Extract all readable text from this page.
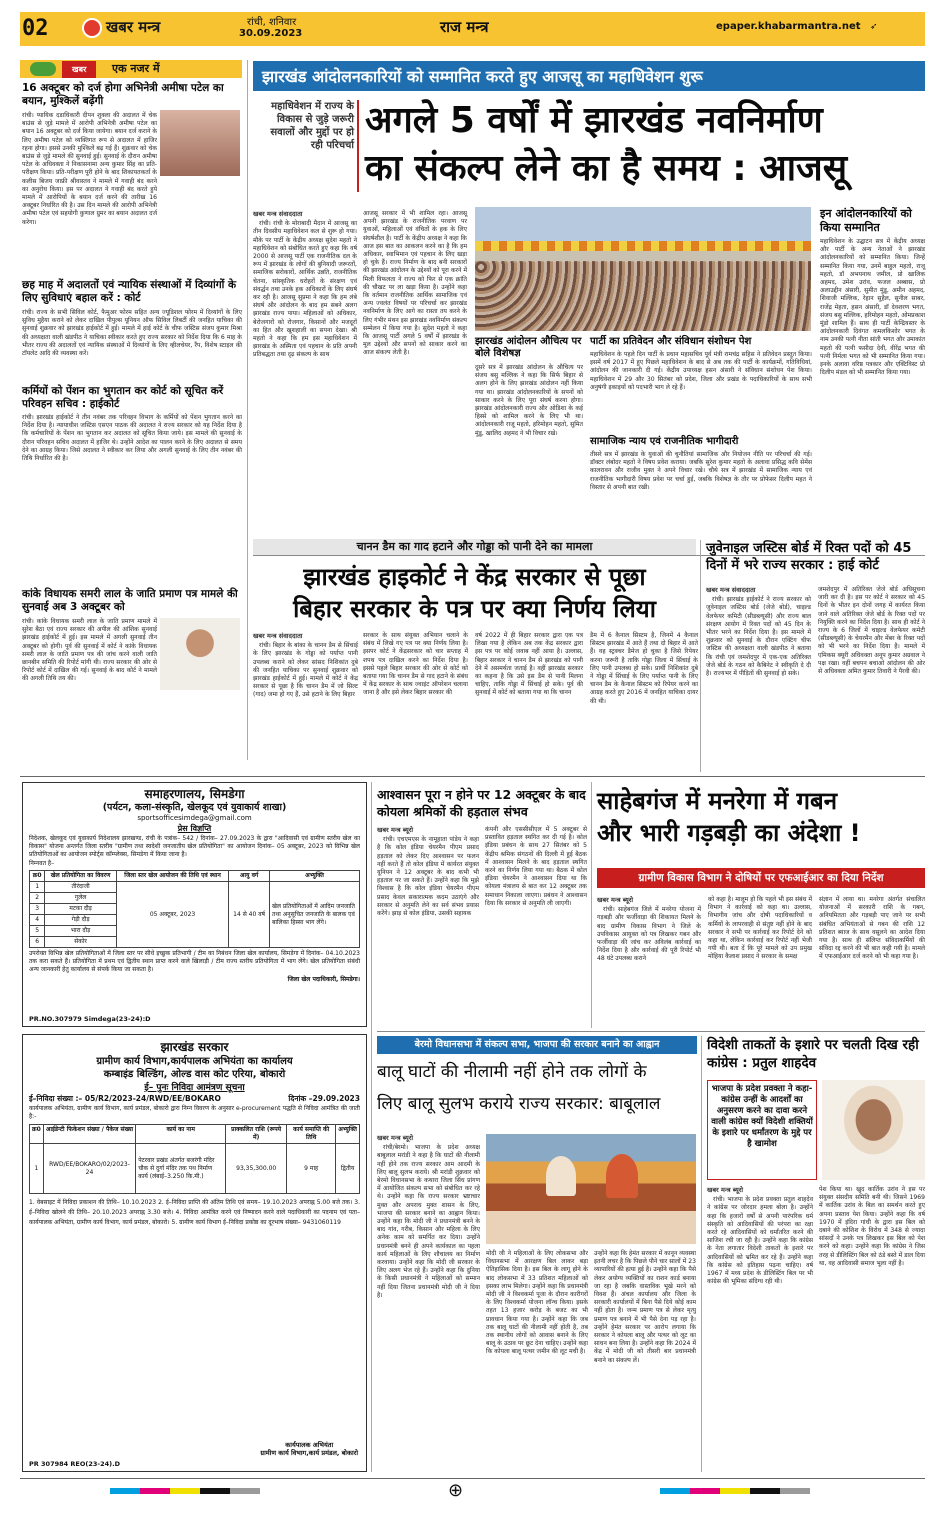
02	खबर मन्त्र	रांची, शनिवार
30.09.2023	राज मन्त्र	epaper.khabarmantra.net ➶
खबर	एक नजर में
16 अक्टूबर को दर्ज होगा अभिनेत्री अमीषा पटेल का बयान, मुश्किलें बढ़ेंगी
रांची। प्यायिक दडाधिकारी दीपन शुक्ला की अदालत में चेक बाउंस से जुड़े मामले में आरोपी अभिनेत्री अमीषा पटेल का बयान 16 अक्टूबर को दर्ज किया जायेगा। बयान दर्ज कराने के लिए अमीषा पटेल को व्यक्तिगत रूप से अदालत में हाजिर रहना होगा। इससे उनकी मुश्किलें बढ़ गई हैं। शुक्रवार को चेक बाउंस से जुड़े मामले की सुनवाई हुई। सुनवाई के दौरान अमीषा पटेल के अधिवक्ता ने निकासनामा अन्य कुमार सिंह का प्रति-परीक्षण किया। प्रति-परीक्षण पूरी होने के बाद शिकायतकर्ता के कलीस बिजय जाफ्री श्रीवास्तव ने मामले में गवाही बंद करने का अनुरोध किया। इस पर अदालत ने गवाही बंद करते हुये मामले में आरोपियों के बयान दर्ज करने की तारीख 16 अक्टूबर निर्धारित की है। उस दिन मामले की आरोपी अभिनेत्री अमीषा पटेल एवं सहयोगी कुणाल ग्रुमर का बयान अदालत दर्ज करेगा।
छह माह में अदालतों एवं न्यायिक संस्थाओं में दिव्यांगों के लिए सुविधाएं बहाल करें : कोर्ट
रांची। राज्य के सभी सिविल कोर्ट, फैमुअर फोरम सहित अन्य ज्यूडिशल फोरम में दिव्यांगों के लिए सुविध मुहैया कराने को लेकर दाखिल पीपुल्स यूनियन ऑफ सिविल लिबर्टी की जनहित याचिका की सुनवाई शुक्रवार को झारखंड हाईकोर्ट में हुई। मामले में हाई कोर्ट के चीफ जस्टिस संजय कुमार मिश्रा की अध्यक्षता वाली खंडपीठ ने याचिका स्वीकार करते हुए राज्य सरकार को निर्देश दिया कि 6 माह के भीतर राज्य की अदालतों एवं न्यायिक संस्थाओं में दिव्यांगों के लिए व्हीलचेयर, रैंप, विशेष स्टाइल की टॉयलेट आदि की व्यवस्था करें।
कर्मियों को पेंशन का भुगतान कर कोर्ट को सूचित करें परिवहन सचिव : हाईकोर्ट
रांची। झारखंड हाईकोर्ट ने तीन नवंबर तक परिवहन विभाग के कर्मियों को पेंशन भुगतान करने का निर्देश दिया है। न्यायाधीश जस्टिस एसएन पाठक की अदालत ने राज्य सरकार को यह निर्देश दिया है कि कर्मचारियों के पेंशन का भुगतान कर अदालत को सूचित किया जाये। इस मामले की सुनवाई के दौरान परिवहन सचिव अदालत में हाजिर थे। उन्होंने आदेश का पालन करने के लिए अदालत से समय देने का आग्रह किया। जिसे अदालत ने स्वीकार कर लिया और अगली सुनवाई के लिए तीन नवंबर की तिथि निर्धारित की है।
कांके विधायक समरी लाल के जाति प्रमाण पत्र मामले की सुनवाई अब 3 अक्टूबर को
रांची। कांके विधायक समरी लाल के जाति प्रमाण मामले में सुरेश बैठा एवं राज्य सरकार की अपील की आंशिक सुनवाई झारखंड हाईकोर्ट में हुई। इस मामले में अगली सुनवाई तीन अक्टूबर को होगी। पूर्व की सुनवाई में कोर्ट ने कांके विधायक समरी लाल के जाति प्रमाण पत्र की जांच करने वाली जाति छानबीन समिति की रिपोर्ट मांगी थी। राज्य सरकार की ओर से रिपोर्ट कोर्ट में दाखिल की गई। सुनवाई के बाद कोर्ट ने मामले की अगली तिथि तय की।
झारखंड आंदोलनकारियों को सम्मानित करते हुए आजसू का महाधिवेशन शुरू
महाधिवेशन में राज्य के विकास से जुड़े जरूरी सवालों और मुद्दों पर हो रही परिचर्चा
अगले 5 वर्षों में झारखंड नवनिर्माण
का संकल्प लेने का है समय : आजसू

खबर मन्त्र संवाददाता

रांची। रांची के मोराबादी मैदान में आजसू का तीन दिवसीय महाधिवेशन कल से शुरू हो गया। मौके पर पार्टी के केंद्रीय अध्यक्ष सुदेश महतो ने महाधिवेशन को संबोधित करते हुए कहा कि वर्ष 2000 से आजसू पार्टी एक राजनीतिक दल के रूप में झारखंड के लोगों की बुनियादी जरूरतों, समाजिक सरोकारों, आर्थिक उन्नति, राजनीतिक चेतना, सांस्कृतिक धरोहरों के संरक्षण एवं संवर्द्धन तथा उनके हक अधिकारों के लिए संघर्ष कर रही है। आजसू सुप्रमा ने कहा कि हम लंबे संघर्ष और आंदोलन के बाद हम सबने अलग झारखंड राज्य पाया। महिलाओं को अधिकार, बेरोजगारों को रोजगार, किसानों और मजदूरों का हित और खुशहाली का सपना देखा। श्री महतो ने कहा कि हम इस महाधिवेशन में झारखंड के अस्मिता एवं पहचान के प्रति अपनी प्रतिबद्धता तथा दृढ़ संकल्प के साथ

आजसू सरकार में भी शामिल रहा। आजसू अपनी झारखंड के राजनीतिक परवाण पर युवाओं, महिलाओं एवं वंचितों के हक के लिए संघर्षशील है। पार्टी के केंद्रीय अध्यक्ष ने कहा कि आज इस बात का आकलन करने का है कि हम अधिकार, स्वाभिमान एवं पहचान के लिए खड़ा हो चुके हैं। राज्य निर्माण के बाद बनी सरकारों की झारखंड आंदोलन के उद्देश्यों को पूरा करने में मिली विफलता ने राज्य को फिर से एक क्रांति की चौखट पर ला खड़ा किया है। उन्होंने कहा कि वर्तमान राजनीतिक आर्थिक सामाजिक एवं अन्य ज्वलंत विषयों पर परिचर्चा कर झारखंड नवनिर्माण के लिए आगे का रास्ता तय करने के लिए गंभीर मंथन इस झारखंड नवनिर्माण संकल्प सम्मेलन में किया गया है। सुदेश महतो ने कहा कि आजसू पार्टी अगले 5 वर्षों में झारखंड के मूल उद्देश्यों और सपनों को साकार करने का आज संकल्प लेती है।
झारखंड आंदोलन औचित्य पर बोले विशेषज्ञ
दूसरे सत्र में झारखंड आंदोलन के औचित्य पर संजय बसु मल्लिक ने कहा कि सिर्फ बिहार से अलग होने के लिए झारखंड आंदोलन नहीं किया गया था। झारखंड आंदोलनकारियों के सपनों को साकार करने के लिए पूरा संघर्ष करना होगा। झारखंड आंदोलनकारी राज्य और ओडिशा के कई हिस्से को शामिल करने के लिए भी था। आंदोलनकारी राजू महतो, हरिमोहन महतो, सुमित मुंडू, खालिद अहमद ने भी विचार रखे।
पार्टी का प्रतिवेदन और संविधान संशोधन पेश
महाधिवेशन के पहले दिन पार्टी के प्रधान महासचिव पूर्व मंत्री रामचंद्र सहिस ने प्रतिवेदन प्रस्तुत किया। इसमें वर्ष 2017 में हुए पिछले महाधिवेशन के बाद से अब तक की पार्टी के कार्यक्रमों, गतिविधियां, आंदोलन की जानकारी दी गई। केंद्रीय उपाध्यक्ष हसन अंसारी ने संविधान संशोधन पेश किया। महाधिवेशन में 29 और 30 सितंबर को प्रदेश, जिला और प्रखंड के पदाधिकारियों के साथ सभी अनुषंगी इकाइयों को पदभारी भाग ले रहे हैं।
सामाजिक न्याय एवं राजनीतिक भागीदारी
तीसरे सत्र में झारखंड के युवाओं की चुनौतियां सामाजिक और नियोजन नीति पर परिचर्चा की गई। डॉक्टर लंबोदर महतो ने विषय प्रवेश कराया। जबकि सुरेश कुमार महतो के अलावा प्रसिद्ध कवि सेमेंस कालरावन और राजीव मुक्त ने अपने विचार रखे। चौथे सत्र में झारखंड में सामाजिक न्याय एवं राजनीतिक भागीदारी विषय प्रवेश पर चर्चा हुई, जबकि विशेषज्ञ के तौर पर प्रोफेसर दिलीप महत ने विस्तार से अपनी बात रखी।
इन आंदोलनकारियों को किया सम्मानित
महाधिवेशन के उद्घाटन सत्र में केंद्रीय अध्यक्ष और पार्टी के अन्य नेताओं ने झारखंड आंदोलनकारियों को सम्मानित किया। जिन्हें सम्मानित किया गया, उनमें बाहुल महतो, राजू महतो, डॉ अभयनाथ जमील, प्रो खालिक अहमद, उमेश उरांव, फजल अब्बास, प्रो अलाउद्दीन अंसारी, सुमीत मुंडू, अमीन अहमद, शिवाजी मल्लिक, रेहान सुहैल, सुनील साबर, राजेंद्र मेहता, हसन अंसारी, डॉ देवशरण भगत, संजय बसु मल्लिक, हरिमोहन महतो, ओमप्रकाश मूंडो शामिल हैं। साथ ही पार्टी केन्द्रियस्तर के आंदोलनकारी दिवंगत कमलकिशोर भगत के नाम उनकी पत्नी नीता सांती भगत और उमाकांत महतो की पत्नी फसीदा देवी, वीरेंद्र भगत की पत्नी निर्मला भगत को भी सम्मानित किया गया। इनके अलावा वरिष्ठ पत्रकार और एक्टिविस्ट प्रो दिलीप मंडल को भी सम्मानित किया गया।
चानन डैम का गाद हटाने और गोड्डा को पानी देने का मामला
झारखंड हाइकोर्ट ने केंद्र सरकार से पूछा
बिहार सरकार के पत्र पर क्या निर्णय लिया

खबर मन्त्र संवाददाता

रांची। बिहार के बांका के चानन डैम से सिंचाई के लिए झारखंड के गोड्डा को पर्याप्त पानी उपलब्ध कराने को लेकर सांसद निशिकांत दुबे की जनहित याचिका पर सुनवाई शुक्रवार को झारखंड हाईकोर्ट में हुई। मामले में कोर्ट ने केंद्र सरकार से पूछा है कि चानन डैम में जो सिल्ट (गाद) जमा हो गए हैं, उसे हटाने के लिए बिहार

सरकार के साथ संयुक्त अभियान चलाने के संबंध में लिखे गए पत्र पर क्या निर्णय लिया है। इसपर कोर्ट ने केंद्रसरकार को चार सप्ताह में शपथ पत्र दाखिल करने का निर्देश दिया है। इससे पहले बिहार सरकार की ओर से कोर्ट को बताया गया कि चानन डैम से गाद हटाने के संबंध में केंद्र सरकार के साथ ज्वाइंट ऑपरेशन चलाया जाना है और इसे लेकर बिहार सरकार की
वर्ष 2022 में ही बिहार सरकार द्वारा एक पत्र लिखा गया है लेकिन अब तक केंद्र सरकार द्वारा इस पत्र पर कोई जवाब नहीं आया है। उल्लास, बिहार सरकार ने चानन डैम से झारखंड को पानी देने में असमर्थता जताई है। वहीं झारखंड सरकार का कहना है कि उसे इस डैम से पानी मिलना चाहिए, ताकि गोड्डा में सिंचाई हो सके। पूर्व की सुनवाई में कोर्ट को बताया गया था कि चानन
डैम में 6 कैनाल सिस्टम है, जिनमें 4 कैनाल सिस्टम झारखंड में आते हैं तथा दो बिहार में आते हैं। वह स्ट्रक्चर डैमेज हो चुका है जिसे रिपेयर करना जरूरी है ताकि गोड्डा जिला में सिंचाई के लिए पानी उपलब्ध हो सके। प्रार्थी निशिकांत दुबे ने गोड्डा में सिंचाई के लिए पर्याप्त पानी के लिए चानन डैम के कैनाल सिस्टम को रिपेयर करने का आग्रह करते हुए 2016 में जनहित याचिका दायर की थी।
जुवेनाइल जस्टिस बोर्ड में रिक्त पदों को 45 दिनों में भरे राज्य सरकार : हाई कोर्ट

खबर मन्त्र संवाददाता

रांची। झारखंड हाईकोर्ट ने राज्य सरकार को जुवेनाइल जस्टिस बोर्ड (जेजे बोर्ड), चाइल्ड वेलफेयर कमिटी (सीडब्ल्यूसी) और राज्य बाल संरक्षण आयोग में रिक्त पदों को 45 दिन के भीतर भरने का निर्देश दिया है। इस मामले में शुक्रवार को सुनवाई के दौरान एक्टिंग चीफ जस्टिस की अध्यक्षता वाली खंडपीठ ने बताया कि रांची एवं जमशेदपुर में एक-एक अतिरिक्त जेजे बोर्ड के गठन को कैबिनेट ने स्वीकृति दे दी है। राज्यभर में पीड़ितों की सुनवाई हो सके।

जमशेदपुर में अतिरिक्त जेजे बोर्ड अधिसूचना जारी कर दी है। इस पर कोर्ट ने सरकार को 45 दिनों के भीतर इन दोनों जगह में कार्यरत किया जाने वाले अतिरिक्त जेजे बोर्ड के रिक्त पदों पर नियुक्ति करने का निर्देश दिया है। साथ ही कोर्ट ने राज्य के 6 जिलों में चाइल्ड वेलफेयर कमेटी (सीडब्ल्यूसी) के चेयरमैन और मेंबर के रिक्त पदों को भी भरने का निर्देश दिया है। मामले में एमिकस क्यूरी अधिवक्ता अनूप कुमार अग्रवाल ने पक्ष रखा। वहीं बचपन बचाओ आंदोलन की ओर से अधिवक्ता अमित कुमार तिवारी ने पैरवी की।
समाहरणालय, सिमडेगा
(पर्यटन, कला-संस्कृति, खेलकूद एवं युवाकार्य शाखा)
sportsofficesimdega@gmail.com
प्रेस विज्ञप्ति
निदेशक, खेलकूद एवं युवाकार्य निदेशालय झारखण्ड, रांची के पत्रांक– 542 / दिनांक– 27.09.2023 के द्वारा "आदिवासी एवं ग्रामीण स्तरीय खेल का विकास" योजना अन्तर्गत जिला स्तरीय "ग्रामीण तथा स्वदेशी जनजातीय खेल प्रतियोगिता" का आयोजन दिनांक– 05 अक्टूबर, 2023 को विभिन्न खेल प्रतियोगिताओं का आयोजन स्पोर्ट्स कॉम्प्लेक्स, सिमडेगा में किया जाना है।
निम्नवत है–
क्र0	खेल प्रतियोगिता का विवरण	जिला स्तर खेल आयोजन की तिथि एवं स्थान	आयु वर्ग	अभ्युक्ति
1	तीरंदाजी	05 अक्टूबर, 2023	14 से 40 वर्ष	खेल प्रतियोगिताओं में आदिम जनजाति तथा अनुसूचित जनजाति के बालक एवं बालिका हिस्सा भाग लेंगे।
2	गुलेल			
3	मटका दौड़			
4	गेड़ी दौड़			
5	भारा दौड़			
6	सेकोर			
उपरोक्त विभिन्न खेल प्रतियोगिताओं में जिला स्तर पर सीधे इच्छुक प्रतिभागी / टीम का निबंधन जिला खेल कार्यालय, सिमडेगा में दिनांक– 04.10.2023 तक करा सकते हैं। प्रतियोगिता में प्रथम एवं द्वितीय स्थान प्राप्त करने वाले खिलाड़ी / टीम राज्य स्तरीय प्रतियोगिता में भाग लेंगे। खेल प्रतियोगिता संबंधी अन्य जानकारी हेतु कार्यालय से संपर्क किया जा सकता है।
जिला खेल पदाधिकारी, सिमडेगा।
PR.NO.307979 Simdega(23-24):D
झारखंड सरकार
ग्रामीण कार्य विभाग,कार्यपालक अभियंता का कार्यालय
कम्बाइंड बिल्डिंग, ओल्ड वास कोट एरिया, बोकारो
ई– पुनः निविदा आमंत्रण सूचना
ई–निविदा संख्या :– 05/R2/2023-24/RWD/EE/BOKARO	दिनांक –29.09.2023
कार्यपालक अभियंता, ग्रामीण कार्य विभाग, कार्य प्रमंडल, बोकारो द्वारा निम्न विवरण के अनुसार e-procurement पद्धति से निविदा आमंत्रित की जाती है:-
क्र0	आईडेन्टी फिकेशन संख्या / पैकेज संख्या	कार्य का नाम	प्राक्कलित राशि (रूपये में)	कार्य समाप्ति की तिथि	अभ्युक्ति
1	RWD/EE/BOKARO/02/2023-24	पेटरवार प्रखंड अंतर्गत बजरंगी मंदिर चौक से दुर्गा मंदिर तक पथ निर्माण कार्य (लंबाई–3.250 कि.मी.)	93,35,300.00	9 माह	द्वितीय
1. वेबसाइट में निविदा प्रकाशन की तिथि– 10.10.2023 2. ई–निविदा प्राप्ति की अंतिम तिथि एवं समय– 19.10.2023 अपराह्न 5.00 बजे तक। 3. ई–निविदा खोलने की तिथि– 20.10.2023 अपराह्न 3.30 बजे। 4. निविदा आमंत्रित करने एवं निष्पादन करने वाले पदाधिकारी का पदनाम एवं पता– कार्यपालक अभियंता, ग्रामीण कार्य विभाग, कार्य प्रमंडल, बोकारो। 5. ग्रामीण कार्य विभाग ई–निविदा प्रकोष्ठ का दूरभाष संख्या– 9431060119
कार्यपालक अभियंता
ग्रामीण कार्य विभाग,कार्य प्रमंडल, बोकारो
PR 307984 REO(23-24).D
आश्वासन पूरा न होने पर 12 अक्टूबर के बाद कोयला श्रमिकों की हड़ताल संभव

खबर मन्त्र ब्यूरो

रांची। एचएमएस के नामूहाता पांडेय ने कहा है कि कोल इंडिया चेयरमैन पीएम प्रसाद हड़ताल को लेकर दिए आश्वासन पर फलन नहीं करते हैं तो कोल इंडिया में कार्यरत संयुक्त यूनियन ने 12 अक्टूबर के बाद कभी भी हड़ताल पर जा सकते हैं। उन्होंने कहा कि मुझे विश्वास है कि कोल इंडिया चेयरमैन पीएम प्रसाद केवल सकारात्मक कदम उठाएंगे और सरकार से अनुमति लेने का सर्व संभव प्रयास करेंगे। झाड़ से कोल इंडिया, उसकी सहायक

कंपनी और एससीसीएल में 5 अक्टूबर से प्रस्तावित हड़ताल स्थगित कर दी गई है। कोल इंडिया प्रबंधन के साथ 27 सितंबर को 5 केंद्रीय श्रमिक संगठनों की दिल्ली में हुई बैठक में आश्वासन मिलने के बाद हड़ताल स्थगित करने का निर्णय लिया गया था। बैठक में कोल इंडिया चेयरमैन ने आश्वासन दिया था कि कोयला मंत्रालय से बात कर 12 अक्टूबर तक समाधान निकाला जाएगा। प्रबंधन ने आश्वासन दिया कि सरकार से अनुमति ली जाएगी।
साहेबगंज में मनरेगा में गबन
और भारी गड़बड़ी का अंदेशा !
ग्रामीण विकास विभाग ने दोषियों पर एफआईआर का दिया निर्देश

खबर मन्त्र ब्यूरो

रांची। साहेबगंज जिले में मनरेगा योजना में गड़बड़ी और फर्जीवाड़ा की शिकायत मिलने के बाद ग्रामीण विकास विभाग ने जिले के उपविकास आयुक्त को पत्र लिखकर गबन और फर्जीवाड़ा की जांच कर अविलंब कार्रवाई का निर्देश दिया है और कार्रवाई की पूरी रिपोर्ट भी 48 घंटे उपलब्ध कराने

को कहा है। मालूम हो कि पहले भी इस संबंध में विभाग ने कार्रवाई को कहा था। उल्लास, विभागीय जांच और दोषी पदाधिकारियों व कर्मियों के लापरवाही से संतुष्ट नहीं होने के बाद सरकार ने सभी पर कार्रवाई कर रिपोर्ट देने को कहा था, लेकिन कार्रवाई कर रिपोर्ट नहीं भेजी गयी थी। बता दें कि पूरे मामले को उप प्रमुख मोहिया कैलाश प्रसाद ने सरकार के समक्ष
संज्ञान में लाया था। मनरेगा अंतर्गत संचालित योजनाओं में सरकारी राशि के गबन, अनियमितता और गड़बड़ी पाए जाने पर सभी संबंधित अभियंताओं से गबन की राशि 12 प्रतिशत ब्याज के साथ वसूलने का आदेश दिया गया है। साथ ही संलिप्त संविदाकर्मियों की संविदा रद्द करने की भी बात कही गयी है। मामले में एफआईआर दर्ज करने को भी कहा गया है।
बेरमो विधानसभा में संकल्प सभा, भाजपा की सरकार बनाने का आह्वान
बालू घाटों की नीलामी नहीं होने तक लोगों के
लिए बालू सुलभ कराये राज्य सरकार: बाबूलाल

खबर मन्त्र ब्यूरो

रांची/बेरमो। भाजपा के प्रदेश अध्यक्ष बाबूलाल मरांडी ने कहा है कि घाटों की नीलामी नहीं होने तक राज्य सरकार आम आदमी के लिए बालू सुलभ कराये। श्री मरांडी शुक्रवार को बेरमो विधानसभा के कथारा जिला सिंध प्रांगण में आयोजित संकल्प सभा को संबोधित कर रहे थे। उन्होंने कहा कि राज्य सरकार भ्रष्टाचार मुक्त और अपराध मुक्त शासन के लिए, भाजपा की सरकार बनाने का आह्वान किया। उन्होंने कहा कि मोदी जी ने प्रधानमंत्री बनने के बाद गांव, गरीब, किसान और महिला के लिए अनेक काम को समर्पित कर दिया। उन्होंने प्रधानमंत्री बनने ही अपने कार्यकाल का पहला कार्य महिलाओं के लिए शौचालय का निर्माण करवाया। उन्होंने कहा कि मोदी जी सरकार के लिए अलग भेज रहे हैं। उन्होंने कहा कि दुनिया के किसी प्रधानमंत्री ने महिलाओं को सम्मान नहीं दिया जितना प्रधानमंत्री मोदी जी ने दिया है।

मोदी जी ने महिलाओं के लिए लोकसभा और विधानसभा में आरक्षण बिल लाकर बड़ा ऐतिहासिक दिया है। इस बिल के लागू होने के बाद लोकसभा में 33 प्रतिशत महिलाओं को इसका लाभ मिलेगा। उन्होंने कहा कि प्रधानमंत्री मोदी जी ने विश्वकर्मा पूजा के दौरान कारीगरों के लिए विश्वकर्मा योजना लॉन्च किया। इसके तहत 13 हजार करोड़ के बजट का भी प्रावधान किया गया है। उन्होंने कहा कि जब तक बालू घाटों की नीलामी नहीं होती है, तब तक स्थानीय लोगों को आवास बनाने के लिए बालू के उठाव पर छूट देना चाहिए। उन्होंने कहा कि कोयला बालू पत्थर जमीन की लूट मची है।
उन्होंने कहा कि हेमंत सरकार में कानून व्यवस्था इतनी लचर है कि पिछले पौने चार सालों में 23 व्यापारियों की हत्या हुई है। उन्होंने कहा कि पैसे लेकर अयोग्य व्यक्तियों का राशन कार्ड बनाया जा रहा है जबकि वास्तविक भूखे मरने को विवश हैं। अंचल कार्यालय और जिला के सरकारी कार्यालयों में बिना पैसे दिये कोई काम नहीं होता है। जन्म प्रमाण पत्र से लेकर मृत्यु प्रमाण पत्र बनाने में भी पैसे देना पड़ रहा है। उन्होंने हेमंत सरकार पर आरोप लगाया कि सरकार ने कोयला बालू और पत्थर को लूट का साधन बना लिया है। उन्होंने कहा कि 2024 में केंद्र में मोदी जी को तीसरी बार प्रधानमंत्री बनाने का संकल्प लें।
विदेशी ताकतों के इशारे पर चलती दिख रही कांग्रेस : प्रतुल शाहदेव
भाजपा के प्रदेश प्रवक्ता ने कहा-कांग्रेस उन्हीं के आदर्शों का अनुसरण करने का दावा करने वाली कांग्रेस क्यों विदेशी शक्तियों के इशारे पर धर्मांतरण के मुद्दे पर है खामोश

खबर मन्त्र ब्यूरो

रांची। भाजपा के प्रदेश प्रवक्ता प्रतुल शाहदेव ने कांग्रेस पर जोरदार हमला बोला है। उन्होंने कहा कि हजारों वर्षों से अपनी पारंपरिक धर्म संस्कृति को आदिवासियों की परंपरा का रक्षा करते रहे आदिवासियों को धर्मांतरित करने की साजिश रची जा रही है। उन्होंने कहा कि कांग्रेस के नेता लगातार विदेशी ताकतों के इशारे पर आदिवासियों को भ्रमित कर रहे हैं। उन्होंने कहा कि कांग्रेस को इतिहास पढ़ना चाहिए। वर्ष 1967 में मध्य प्रदेश के डीलिस्टिंग बिल पर भी कांग्रेस की भूमिका संदिग्ध रही थी।

पेश किया था। खुद कार्तिक उरांव ने इस पर संयुक्त संसदीय समिति बनी थी। जिसने 1969 में कार्तिक उरांव के बिल का समर्थन करते हुए अपना प्रस्ताव पेश किया। उन्होंने कहा कि वर्ष 1970 में इंदिरा गांधी के द्वारा इस बिल को दबाने की कोशिश के विरोध में 348 से ज्यादा सांसदों ने उनके पत्र लिखकर इस बिल को पेश करने को कहा। उन्होंने कहा कि कांग्रेस ने जिस तरह से डीलिस्टिंग बिल को ठंडे बस्ते में डाल दिया था, वह आदिवासी समाज भूला नहीं है।
⊕
